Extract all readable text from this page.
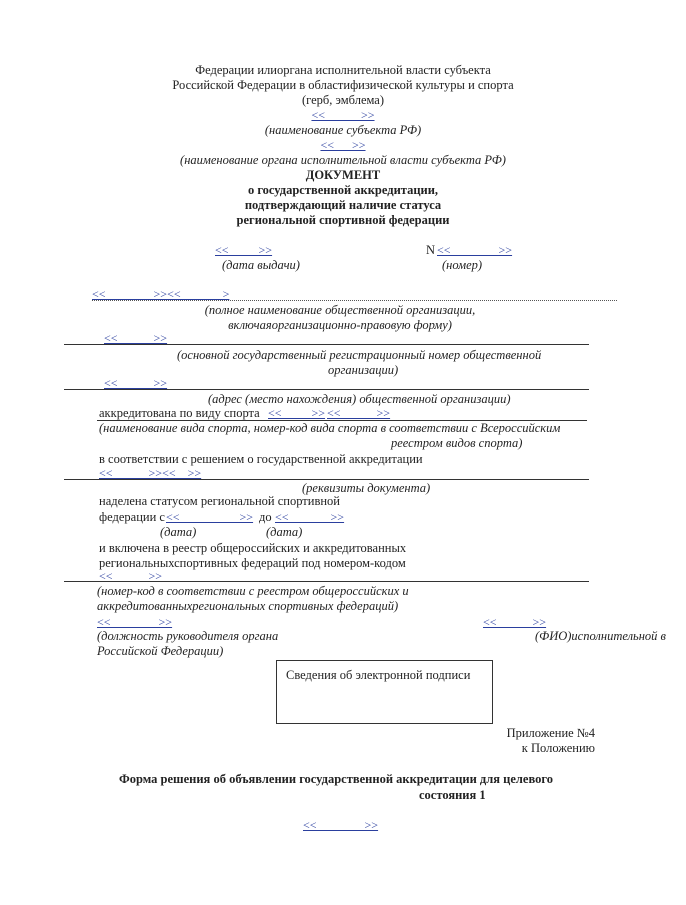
Федерации илиоргана исполнительной власти субъекта
Российской Федерации в областифизической культуры и спорта
(герб, эмблема)
<<______>>
(наименование субъекта РФ)
<<___>>
(наименование органа исполнительной власти субъекта РФ)
ДОКУМЕНТ
о государственной аккредитации,
подтверждающий наличие статуса
региональной спортивной федерации
<<_____>>
(дата выдачи)
N <<________>>
(номер)
<<________>><<_______>
(полное наименование общественной организации,
включаяорганизационно-правовую форму)
<<______>>
(основной государственный регистрационный номер общественной
организации)
<<______>>
(адрес (место нахождения) общественной организации)
аккредитована по виду спорта <<_____>> <<______>>
(наименование вида спорта, номер-код вида спорта в соответствии с Всероссийским
реестром видов спорта)
в соответствии с решением о государственной аккредитации
<<______>><<__>>
(реквизиты документа)
наделена статусом региональной спортивной
федерации с <<__________>> до <<_______>>
(дата)	(дата)
и включена в реестр общероссийских и аккредитованных
региональныхспортивных федераций под номером-кодом
<<______>>
(номер-код в соответствии с реестром общероссийских и
аккредитованныхрегиональных спортивных федераций)
<<________>>	<<______>>
(должность руководителя органа	(ФИО)исполнительной в
Российской Федерации)
Сведения об электронной подписи
Приложение №4
к Положению
Форма решения об объявлении государственной аккредитации для целевого
состояния 1
<<________>>
